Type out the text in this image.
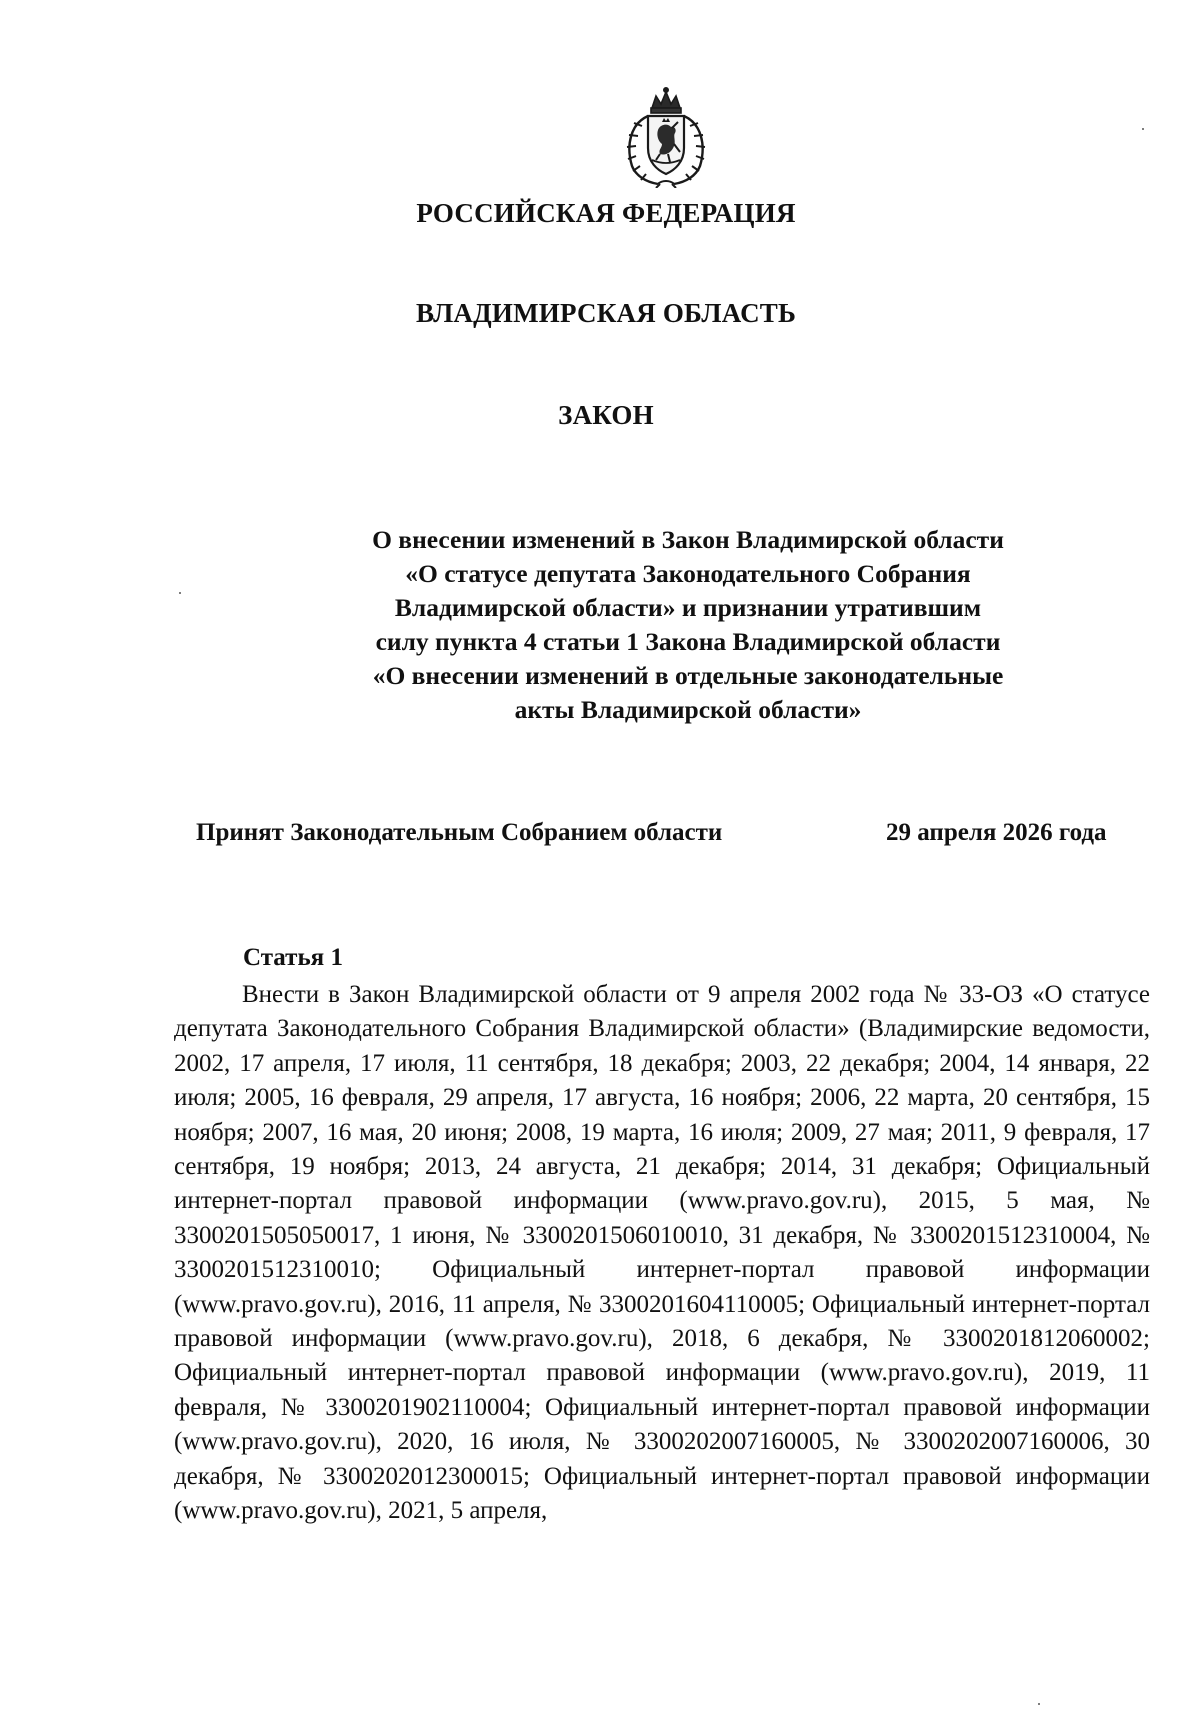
РОССИЙСКАЯ ФЕДЕРАЦИЯ
ВЛАДИМИРСКАЯ ОБЛАСТЬ
ЗАКОН
О внесении изменений в Закон Владимирской области «О статусе депутата Законодательного Собрания Владимирской области» и признании утратившим силу пункта 4 статьи 1 Закона Владимирской области «О внесении изменений в отдельные законодательные акты Владимирской области»
Принят Законодательным Собранием области	29 апреля 2026 года
Статья 1

Внести в Закон Владимирской области от 9 апреля 2002 года № 33-ОЗ «О статусе депутата Законодательного Собрания Владимирской области» (Владимирские ведомости, 2002, 17 апреля, 17 июля, 11 сентября, 18 декабря; 2003, 22 декабря; 2004, 14 января, 22 июля; 2005, 16 февраля, 29 апреля, 17 августа, 16 ноября; 2006, 22 марта, 20 сентября, 15 ноября; 2007, 16 мая, 20 июня; 2008, 19 марта, 16 июля; 2009, 27 мая; 2011, 9 февраля, 17 сентября, 19 ноября; 2013, 24 августа, 21 декабря; 2014, 31 декабря; Официальный интернет-портал правовой информации (www.pravo.gov.ru), 2015, 5 мая, № 3300201505050017, 1 июня, № 3300201506010010, 31 декабря, № 3300201512310004, № 3300201512310010; Официальный интернет-портал правовой информации (www.pravo.gov.ru), 2016, 11 апреля, № 3300201604110005; Официальный интернет-портал правовой информации (www.pravo.gov.ru), 2018, 6 декабря, № 3300201812060002; Официальный интернет-портал правовой информации (www.pravo.gov.ru), 2019, 11 февраля, № 3300201902110004; Официальный интернет-портал правовой информации (www.pravo.gov.ru), 2020, 16 июля, № 3300202007160005, № 3300202007160006, 30 декабря, № 3300202012300015; Официальный интернет-портал правовой информации (www.pravo.gov.ru), 2021, 5 апреля,
